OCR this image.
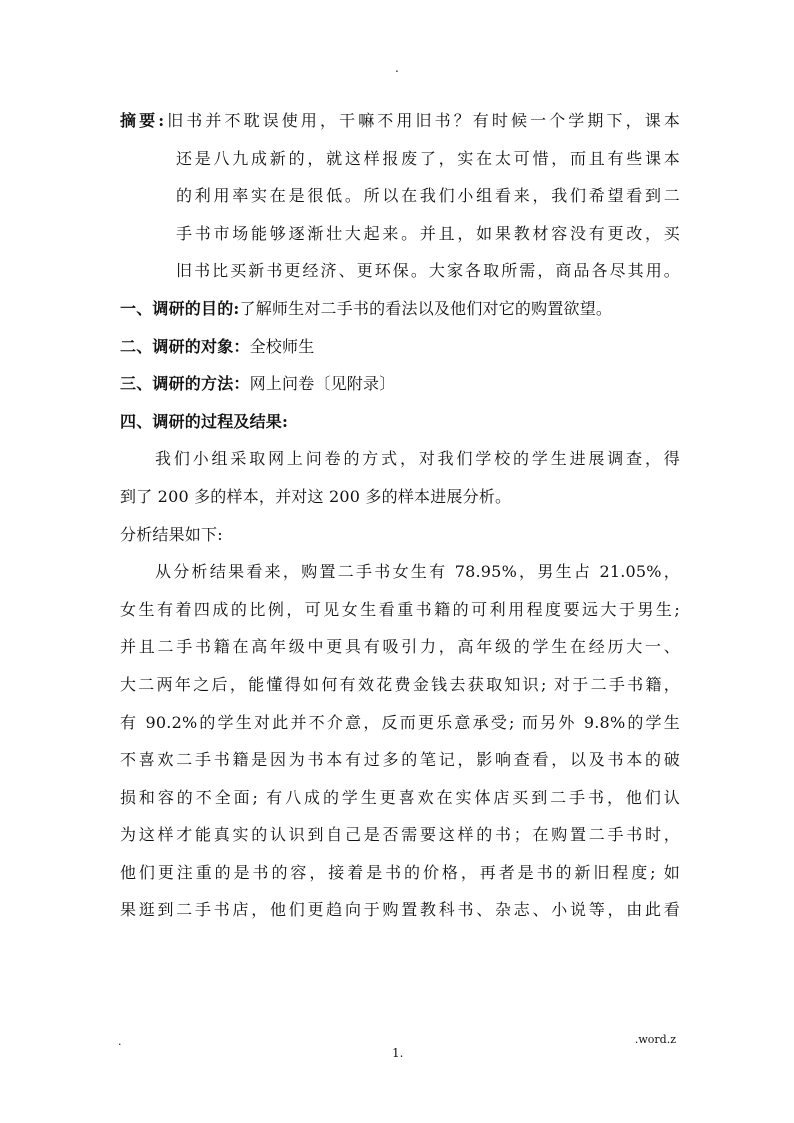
.
摘要:旧书并不耽误使用，干嘛不用旧书？有时候一个学期下，课本
还是八九成新的，就这样报废了，实在太可惜，而且有些课本
的利用率实在是很低。所以在我们小组看来，我们希望看到二
手书市场能够逐渐壮大起来。并且，如果教材容没有更改，买
旧书比买新书更经济、更环保。大家各取所需，商品各尽其用。
一、调研的目的:了解师生对二手书的看法以及他们对它的购置欲望。
二、调研的对象：全校师生
三、调研的方法：网上问卷〔见附录〕
四、调研的过程及结果:
我们小组采取网上问卷的方式，对我们学校的学生进展调查，得
到了 200 多的样本，并对这 200 多的样本进展分析。
分析结果如下:
从分析结果看来，购置二手书女生有 78.95%，男生占 21.05%，
女生有着四成的比例，可见女生看重书籍的可利用程度要远大于男生;
并且二手书籍在高年级中更具有吸引力，高年级的学生在经历大一、
大二两年之后，能懂得如何有效花费金钱去获取知识; 对于二手书籍，
有 90.2%的学生对此并不介意，反而更乐意承受; 而另外 9.8%的学生
不喜欢二手书籍是因为书本有过多的笔记，影响查看，以及书本的破
损和容的不全面; 有八成的学生更喜欢在实体店买到二手书，他们认
为这样才能真实的认识到自己是否需要这样的书；在购置二手书时，
他们更注重的是书的容，接着是书的价格，再者是书的新旧程度; 如
果逛到二手书店，他们更趋向于购置教科书、杂志、小说等，由此看
.	.word.z
1.
